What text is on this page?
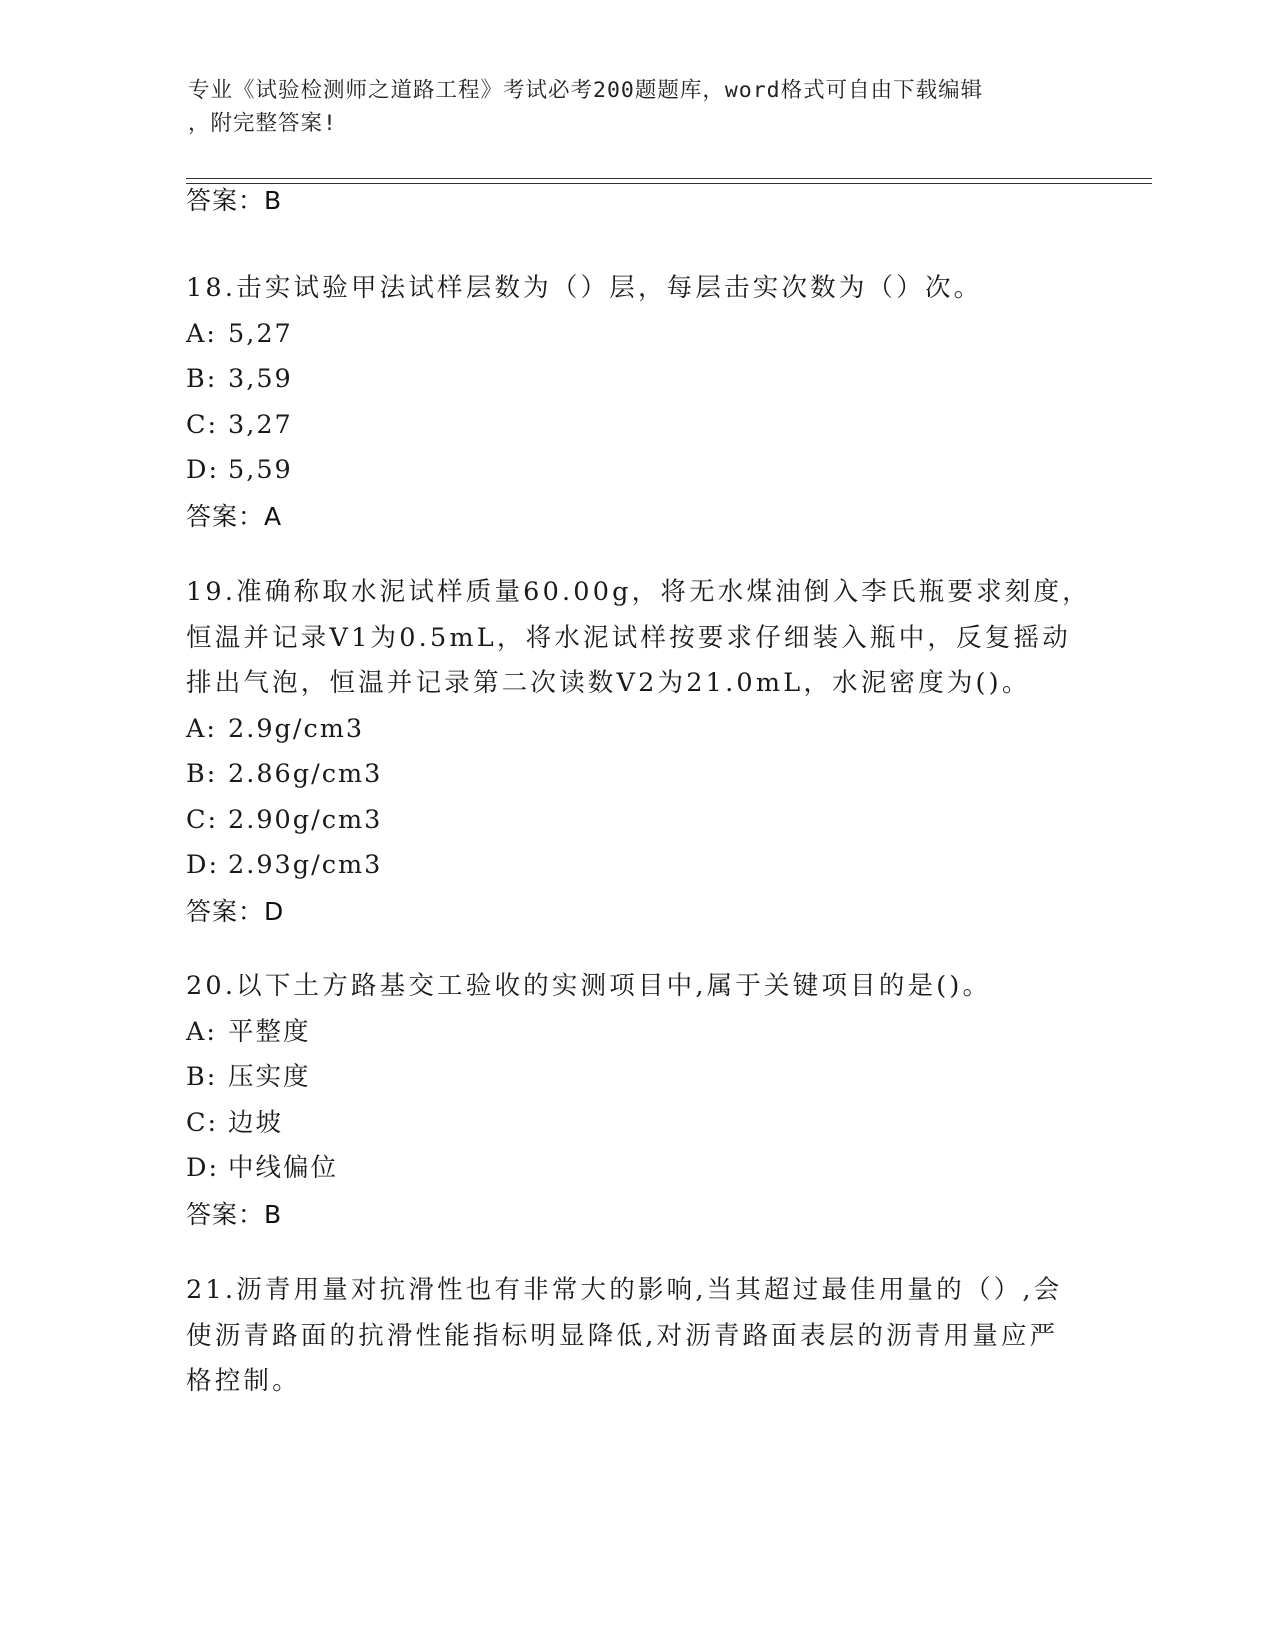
专业《试验检测师之道路工程》考试必考200题题库，word格式可自由下载编辑
，附完整答案!
答案：B
18.击实试验甲法试样层数为（）层，每层击实次数为（）次。
A: 5,27
B: 3,59
C: 3,27
D: 5,59
答案：A
19.准确称取水泥试样质量60.00g，将无水煤油倒入李氏瓶要求刻度，
恒温并记录V1为0.5mL，将水泥试样按要求仔细装入瓶中，反复摇动
排出气泡，恒温并记录第二次读数V2为21.0mL，水泥密度为()。
A: 2.9g/cm3
B: 2.86g/cm3
C: 2.90g/cm3
D: 2.93g/cm3
答案：D
20.以下土方路基交工验收的实测项目中,属于关键项目的是()。
A: 平整度
B: 压实度
C: 边坡
D: 中线偏位
答案：B
21.沥青用量对抗滑性也有非常大的影响,当其超过最佳用量的（）,会
使沥青路面的抗滑性能指标明显降低,对沥青路面表层的沥青用量应严
格控制。
